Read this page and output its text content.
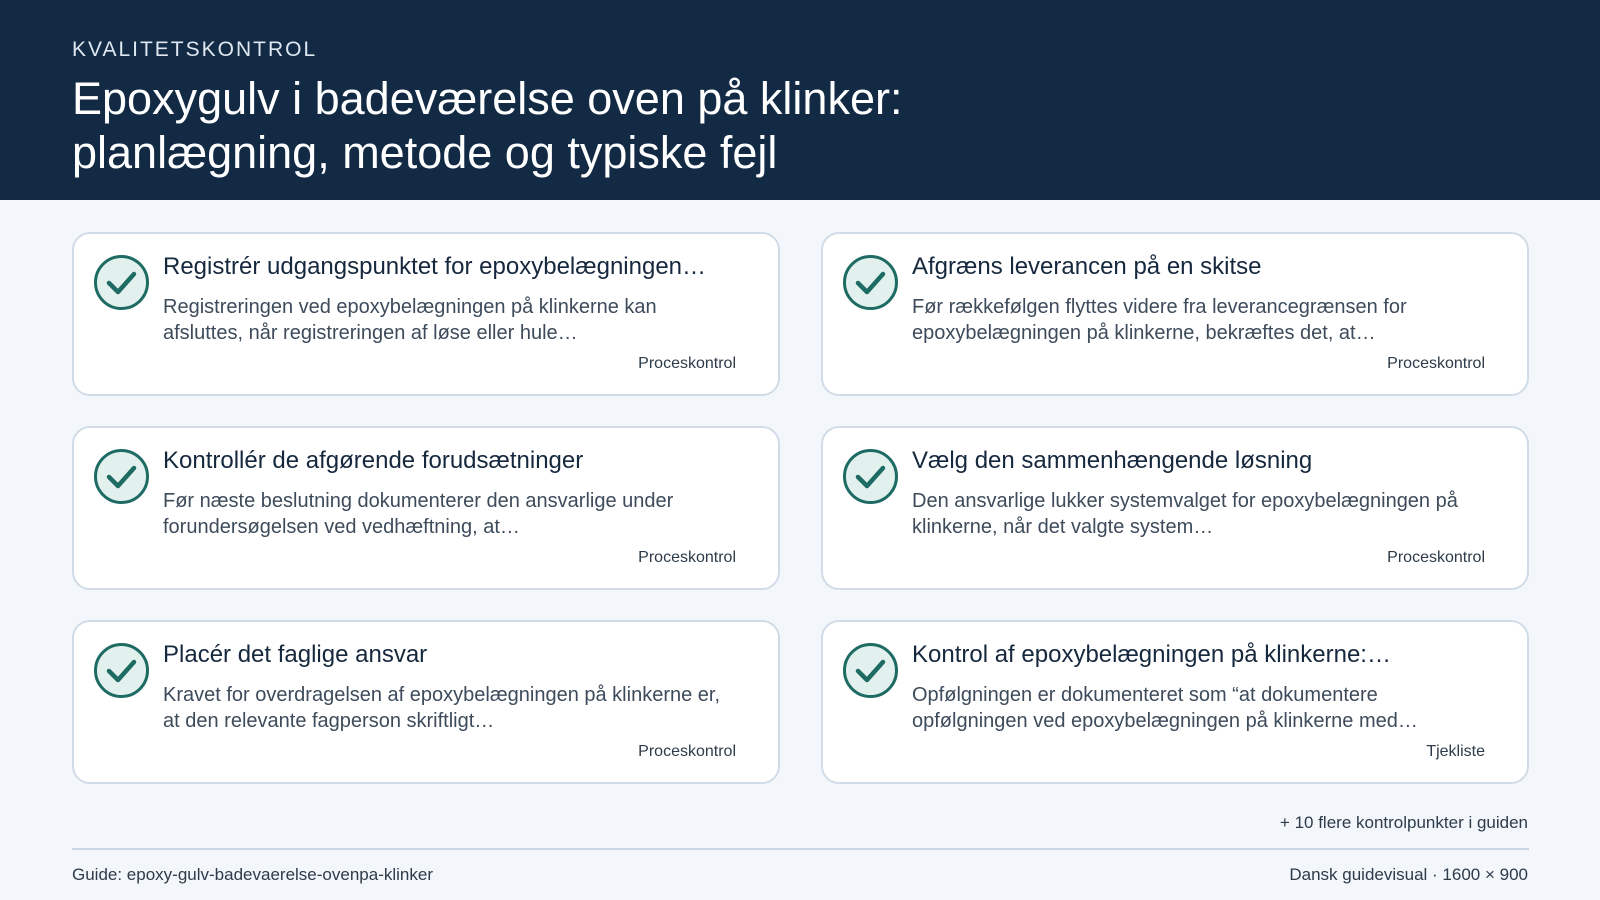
KVALITETSKONTROL

Epoxygulv i badeværelse oven på klinker: planlægning, metode og typiske fejl
Registrér udgangspunktet for epoxybelægningen…
Registreringen ved epoxybelægningen på klinkerne kan afsluttes, når registreringen af løse eller hule…
Proceskontrol
Afgræns leverancen på en skitse
Før rækkefølgen flyttes videre fra leverancegrænsen for epoxybelægningen på klinkerne, bekræftes det, at…
Proceskontrol
Kontrollér de afgørende forudsætninger
Før næste beslutning dokumenterer den ansvarlige under forundersøgelsen ved vedhæftning, at…
Proceskontrol
Vælg den sammenhængende løsning
Den ansvarlige lukker systemvalget for epoxybelægningen på klinkerne, når det valgte system…
Proceskontrol
Placér det faglige ansvar
Kravet for overdragelsen af epoxybelægningen på klinkerne er, at den relevante fagperson skriftligt…
Proceskontrol
Kontrol af epoxybelægningen på klinkerne:…
Opfølgningen er dokumenteret som “at dokumentere opfølgningen ved epoxybelægningen på klinkerne med…
Tjekliste
+ 10 flere kontrolpunkter i guiden
Guide: epoxy-gulv-badevaerelse-ovenpa-klinker	Dansk guidevisual · 1600 × 900
